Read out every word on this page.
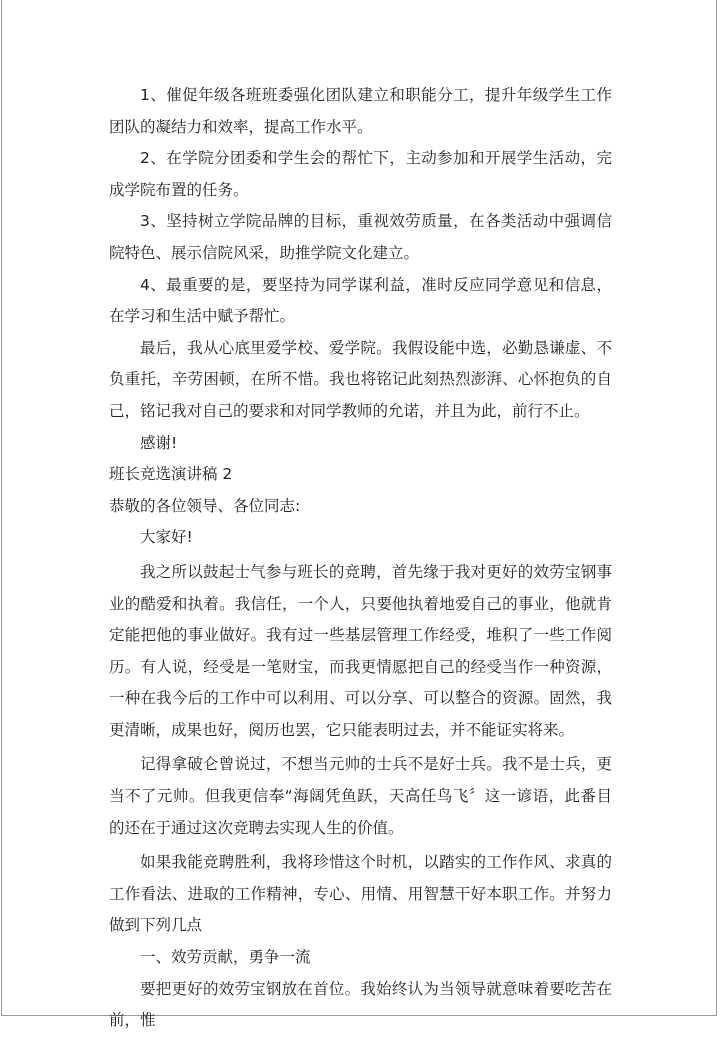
1、催促年级各班班委强化团队建立和职能分工，提升年级学生工作团队的凝结力和效率，提高工作水平。

2、在学院分团委和学生会的帮忙下，主动参加和开展学生活动，完成学院布置的任务。

3、坚持树立学院品牌的目标，重视效劳质量，在各类活动中强调信院特色、展示信院风采，助推学院文化建立。

4、最重要的是，要坚持为同学谋利益，准时反应同学意见和信息，在学习和生活中赋予帮忙。

最后，我从心底里爱学校、爱学院。我假设能中选，必勤恳谦虚、不负重托，辛劳困顿，在所不惜。我也将铭记此刻热烈澎湃、心怀抱负的自己，铭记我对自己的要求和对同学教师的允诺，并且为此，前行不止。

感谢!

班长竞选演讲稿 2

恭敬的各位领导、各位同志:

大家好!

我之所以鼓起士气参与班长的竞聘，首先缘于我对更好的效劳宝钢事业的酷爱和执着。我信任，一个人，只要他执着地爱自己的事业，他就肯定能把他的事业做好。我有过一些基层管理工作经受，堆积了一些工作阅历。有人说，经受是一笔财宝，而我更情愿把自己的经受当作一种资源，一种在我今后的工作中可以利用、可以分享、可以整合的资源。固然，我更清晰，成果也好，阅历也罢，它只能表明过去，并不能证实将来。

记得拿破仑曾说过，不想当元帅的士兵不是好士兵。我不是士兵，更当不了元帅。但我更信奉“海阔凭鱼跃，天高任鸟飞〞这一谚语，此番目的还在于通过这次竞聘去实现人生的价值。

如果我能竞聘胜利，我将珍惜这个时机，以踏实的工作作风、求真的工作看法、进取的工作精神，专心、用情、用智慧干好本职工作。并努力做到下列几点

一、效劳贡献，勇争一流

要把更好的效劳宝钢放在首位。我始终认为当领导就意味着要吃苦在前，惟
